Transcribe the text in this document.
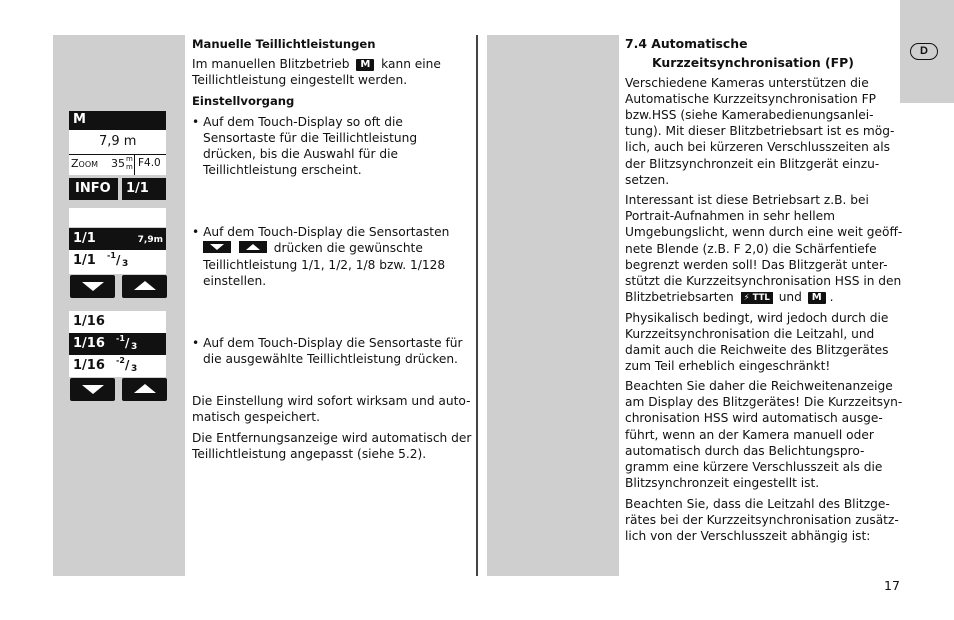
D
M
7,9 m
Zoom 35 m
m F4.0
INFO 1/1
1/1	7,9m
1/1 -1 / 3
1/16
1/16 -1 / 3
1/16 -2 / 3
Manuelle Teillichtleistungen
Im manuellen Blitzbetrieb M kann eine
Teillichtleistung eingestellt werden.
Einstellvorgang
• Auf dem Touch-Display so oft die
Sensortaste für die Teillichtleistung
drücken, bis die Auswahl für die
Teillichtleistung erscheint.
• Auf dem Touch-Display die Sensortasten
drücken die gewünschte
Teillichtleistung 1/1, 1/2, 1/8 bzw. 1/128
einstellen.
• Auf dem Touch-Display die Sensortaste für
die ausgewählte Teillichtleistung drücken.
Die Einstellung wird sofort wirksam und auto-
matisch gespeichert.
Die Entfernungsanzeige wird automatisch der
Teillichtleistung angepasst (siehe 5.2).
7.4 Automatische
Kurzzeitsynchronisation (FP)
Verschiedene Kameras unterstützen die
Automatische Kurzzeitsynchronisation FP
bzw.HSS (siehe Kamerabedienungsanlei-
tung). Mit dieser Blitzbetriebsart ist es mög-
lich, auch bei kürzeren Verschlusszeiten als
der Blitzsynchronzeit ein Blitzgerät einzu-
setzen.
Interessant ist diese Betriebsart z.B. bei
Portrait-Aufnahmen in sehr hellem
Umgebungslicht, wenn durch eine weit geöff-
nete Blende (z.B. F 2,0) die Schärfentiefe
begrenzt werden soll! Das Blitzgerät unter-
stützt die Kurzzeitsynchronisation HSS in den
Blitzbetriebsarten ⚡ TTL und M .
Physikalisch bedingt, wird jedoch durch die
Kurzzeitsynchronisation die Leitzahl, und
damit auch die Reichweite des Blitzgerätes
zum Teil erheblich eingeschränkt!
Beachten Sie daher die Reichweitenanzeige
am Display des Blitzgerätes! Die Kurzzeitsyn-
chronisation HSS wird automatisch ausge-
führt, wenn an der Kamera manuell oder
automatisch durch das Belichtungspro-
gramm eine kürzere Verschlusszeit als die
Blitzsynchronzeit eingestellt ist.
Beachten Sie, dass die Leitzahl des Blitzge-
rätes bei der Kurzzeitsynchronisation zusätz-
lich von der Verschlusszeit abhängig ist:
17
